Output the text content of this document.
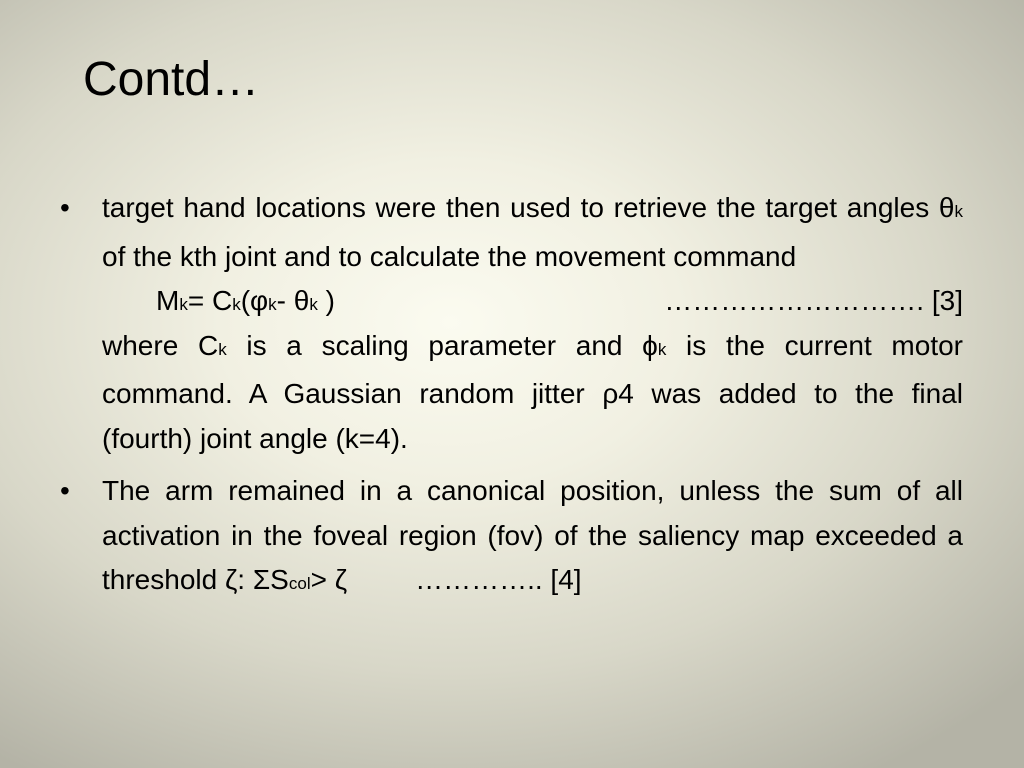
Contd…
•	target hand locations were then used to retrieve the target angles θk of the kth joint and to calculate the movement command
Mk= Ck(φk- θk )	………………………. [3]
where Ck is a scaling parameter and ϕk is the current motor command. A Gaussian random jitter ρ4 was added to the final (fourth) joint angle (k=4).
•	The arm remained in a canonical position, unless the sum of all activation in the foveal region (fov) of the saliency map exceeded a threshold ζ: ΣScol> ζ ………….. [4]
